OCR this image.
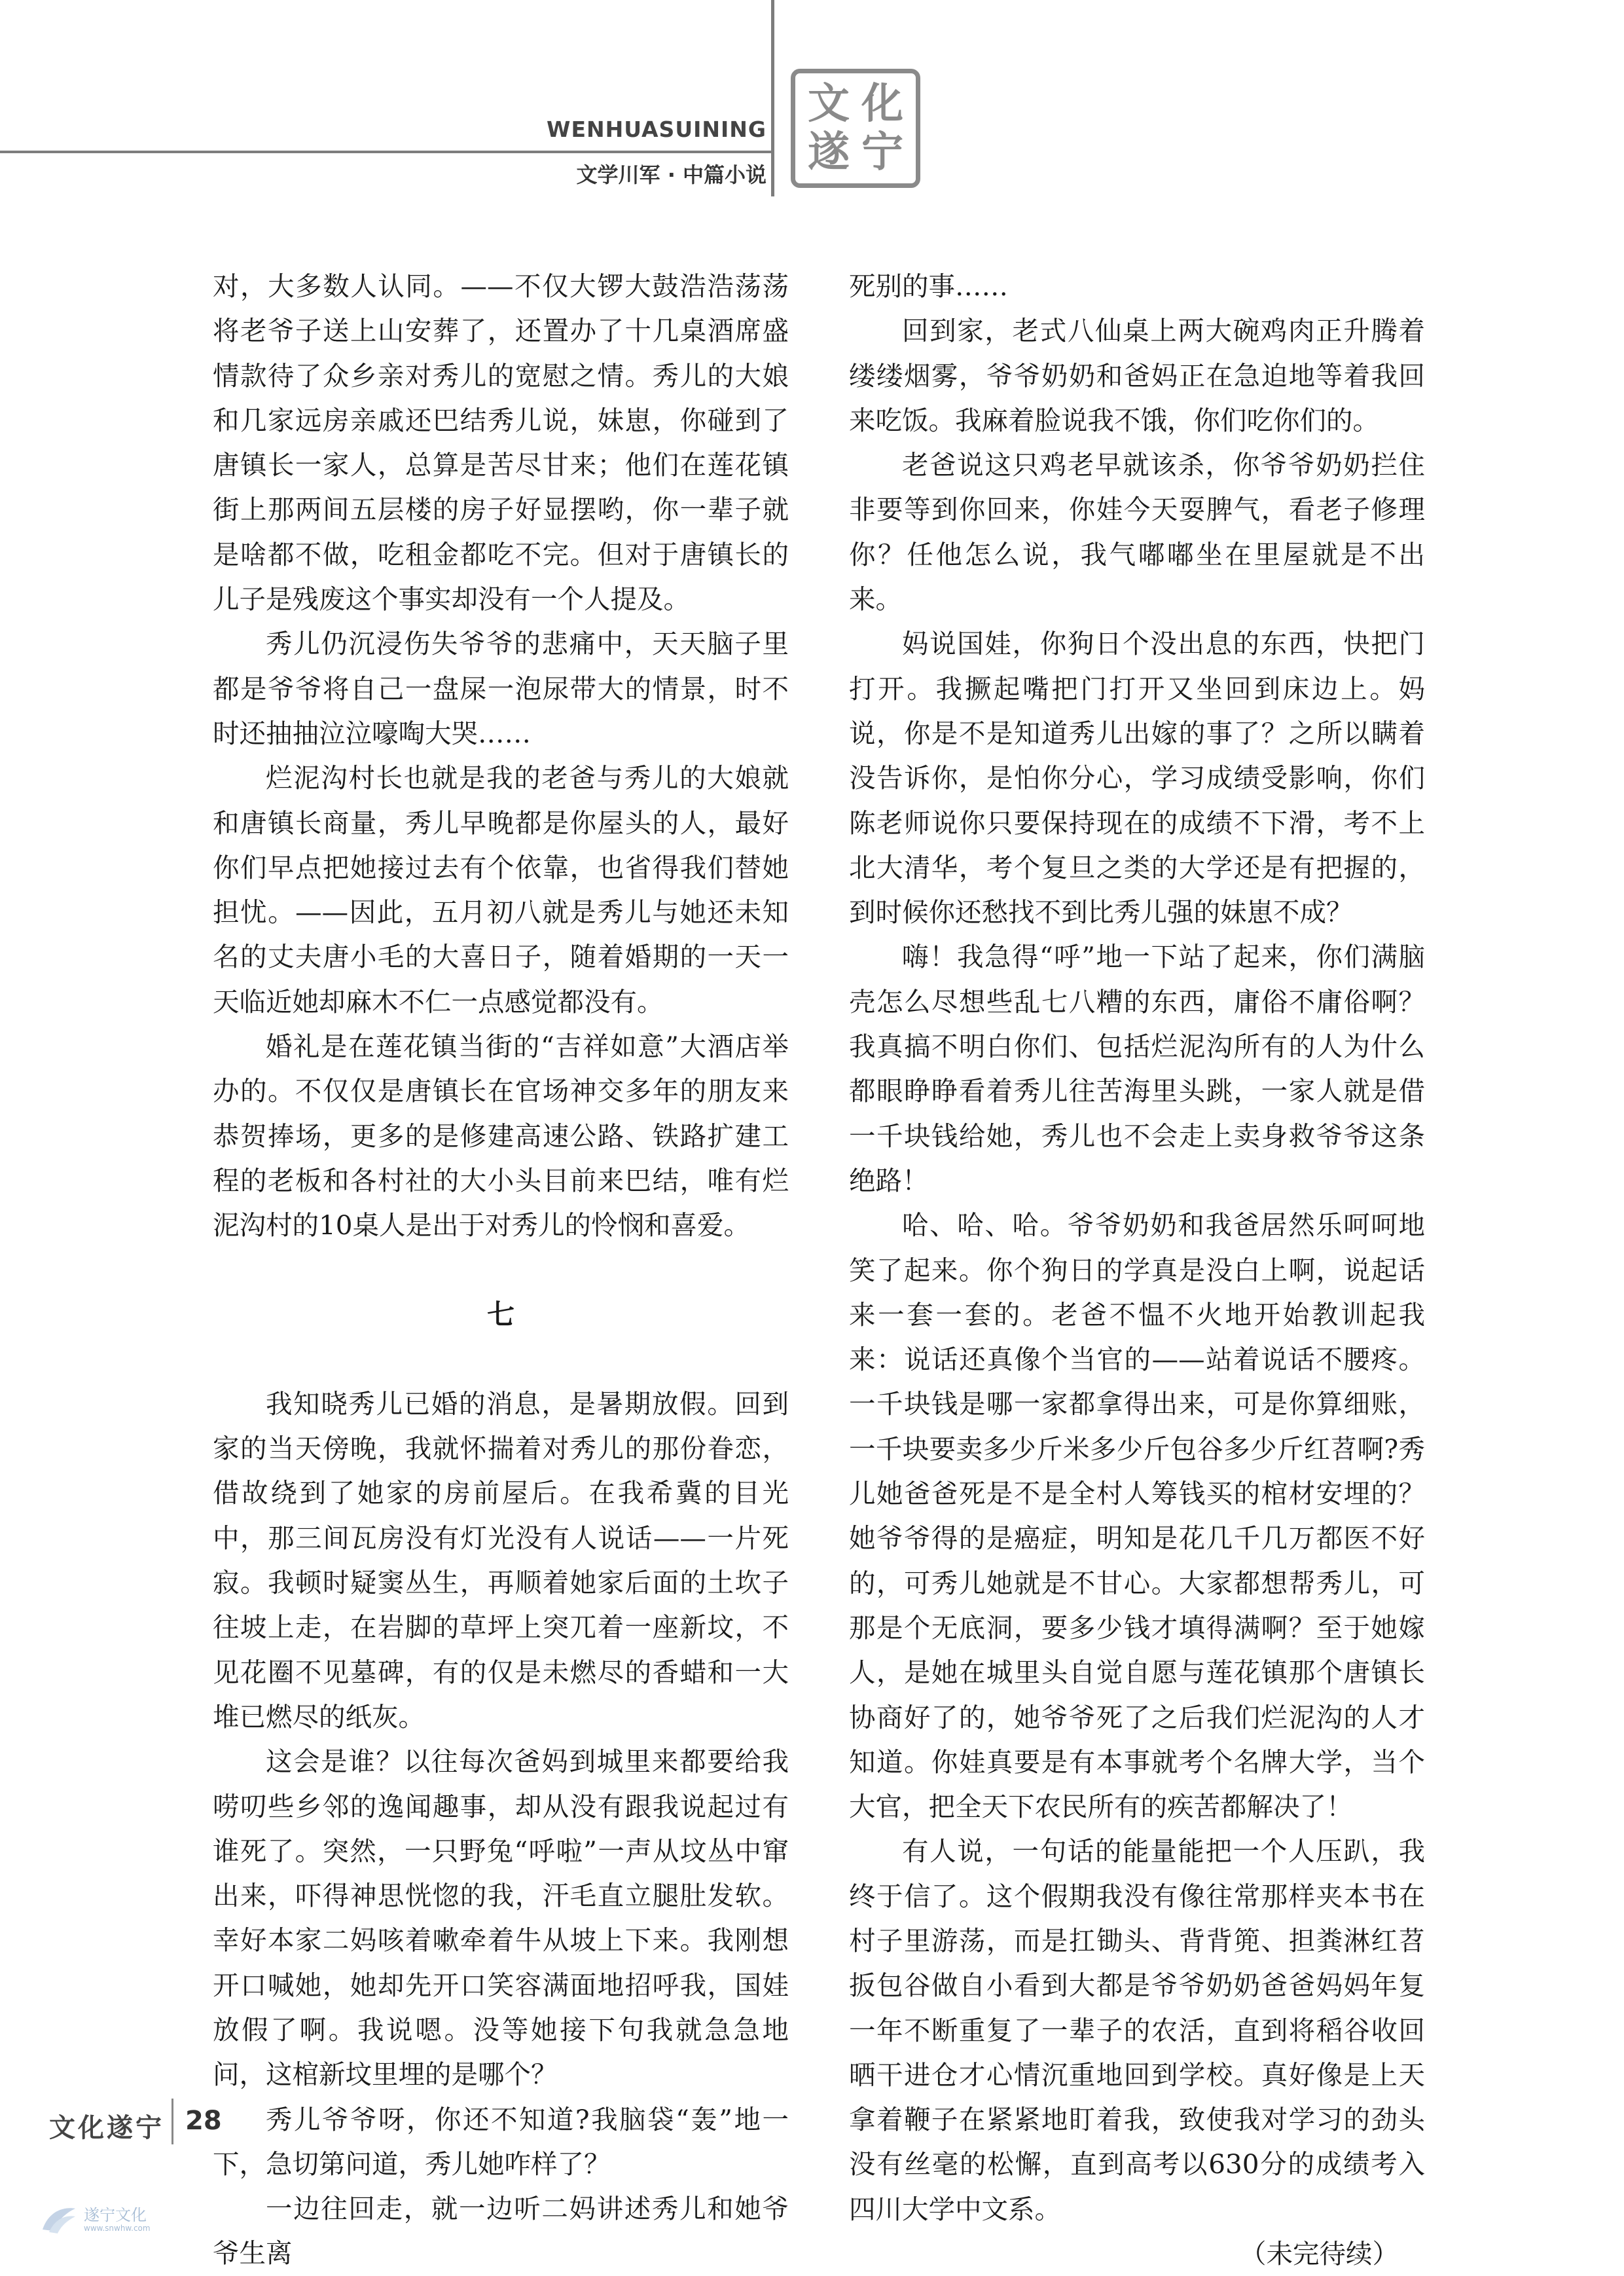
WENHUASUINING
文学川军 · 中篇小说
文 化
遂 宁

对，大多数人认同。——不仅大锣大鼓浩浩荡荡将老爷子送上山安葬了，还置办了十几桌酒席盛情款待了众乡亲对秀儿的宽慰之情。秀儿的大娘和几家远房亲戚还巴结秀儿说，妹崽，你碰到了唐镇长一家人，总算是苦尽甘来；他们在莲花镇街上那两间五层楼的房子好显摆哟，你一辈子就是啥都不做，吃租金都吃不完。但对于唐镇长的儿子是残废这个事实却没有一个人提及。

秀儿仍沉浸伤失爷爷的悲痛中，天天脑子里都是爷爷将自己一盘屎一泡尿带大的情景，时不时还抽抽泣泣嚎啕大哭……

烂泥沟村长也就是我的老爸与秀儿的大娘就和唐镇长商量，秀儿早晚都是你屋头的人，最好你们早点把她接过去有个依靠，也省得我们替她担忧。——因此，五月初八就是秀儿与她还未知名的丈夫唐小毛的大喜日子，随着婚期的一天一天临近她却麻木不仁一点感觉都没有。

婚礼是在莲花镇当街的“吉祥如意”大酒店举办的。不仅仅是唐镇长在官场神交多年的朋友来恭贺捧场，更多的是修建高速公路、铁路扩建工程的老板和各村社的大小头目前来巴结，唯有烂泥沟村的10桌人是出于对秀儿的怜悯和喜爱。

七

我知晓秀儿已婚的消息，是暑期放假。回到家的当天傍晚，我就怀揣着对秀儿的那份眷恋，借故绕到了她家的房前屋后。在我希冀的目光中，那三间瓦房没有灯光没有人说话——一片死寂。我顿时疑窦丛生，再顺着她家后面的土坎子往坡上走，在岩脚的草坪上突兀着一座新坟，不见花圈不见墓碑，有的仅是未燃尽的香蜡和一大堆已燃尽的纸灰。

这会是谁？以往每次爸妈到城里来都要给我唠叨些乡邻的逸闻趣事，却从没有跟我说起过有谁死了。突然，一只野兔“呼啦”一声从坟丛中窜出来，吓得神思恍惚的我，汗毛直立腿肚发软。幸好本家二妈咳着嗽牵着牛从坡上下来。我刚想开口喊她，她却先开口笑容满面地招呼我，国娃放假了啊。我说嗯。没等她接下句我就急急地问，这棺新坟里埋的是哪个？

秀儿爷爷呀，你还不知道?我脑袋“轰”地一下，急切第问道，秀儿她咋样了？

一边往回走，就一边听二妈讲述秀儿和她爷爷生离

死别的事……

回到家，老式八仙桌上两大碗鸡肉正升腾着缕缕烟雾，爷爷奶奶和爸妈正在急迫地等着我回来吃饭。我麻着脸说我不饿，你们吃你们的。

老爸说这只鸡老早就该杀，你爷爷奶奶拦住非要等到你回来，你娃今天耍脾气，看老子修理你？任他怎么说，我气嘟嘟坐在里屋就是不出来。

妈说国娃，你狗日个没出息的东西，快把门打开。我撅起嘴把门打开又坐回到床边上。妈说，你是不是知道秀儿出嫁的事了？之所以瞒着没告诉你，是怕你分心，学习成绩受影响，你们陈老师说你只要保持现在的成绩不下滑，考不上北大清华，考个复旦之类的大学还是有把握的，到时候你还愁找不到比秀儿强的妹崽不成？

嗨！我急得“呼”地一下站了起来，你们满脑壳怎么尽想些乱七八糟的东西，庸俗不庸俗啊？我真搞不明白你们、包括烂泥沟所有的人为什么都眼睁睁看着秀儿往苦海里头跳，一家人就是借一千块钱给她，秀儿也不会走上卖身救爷爷这条绝路！

哈、哈、哈。爷爷奶奶和我爸居然乐呵呵地笑了起来。你个狗日的学真是没白上啊，说起话来一套一套的。老爸不愠不火地开始教训起我来：说话还真像个当官的——站着说话不腰疼。一千块钱是哪一家都拿得出来，可是你算细账，一千块要卖多少斤米多少斤包谷多少斤红苕啊?秀儿她爸爸死是不是全村人筹钱买的棺材安埋的？她爷爷得的是癌症，明知是花几千几万都医不好的，可秀儿她就是不甘心。大家都想帮秀儿，可那是个无底洞，要多少钱才填得满啊？至于她嫁人，是她在城里头自觉自愿与莲花镇那个唐镇长协商好了的，她爷爷死了之后我们烂泥沟的人才知道。你娃真要是有本事就考个名牌大学，当个大官，把全天下农民所有的疾苦都解决了！

有人说，一句话的能量能把一个人压趴，我终于信了。这个假期我没有像往常那样夹本书在村子里游荡，而是扛锄头、背背篼、担粪淋红苕扳包谷做自小看到大都是爷爷奶奶爸爸妈妈年复一年不断重复了一辈子的农活，直到将稻谷收回晒干进仓才心情沉重地回到学校。真好像是上天拿着鞭子在紧紧地盯着我，致使我对学习的劲头没有丝毫的松懈，直到高考以630分的成绩考入四川大学中文系。

（未完待续）

文化遂宁 28
遂宁文化
www.snwhw.com
